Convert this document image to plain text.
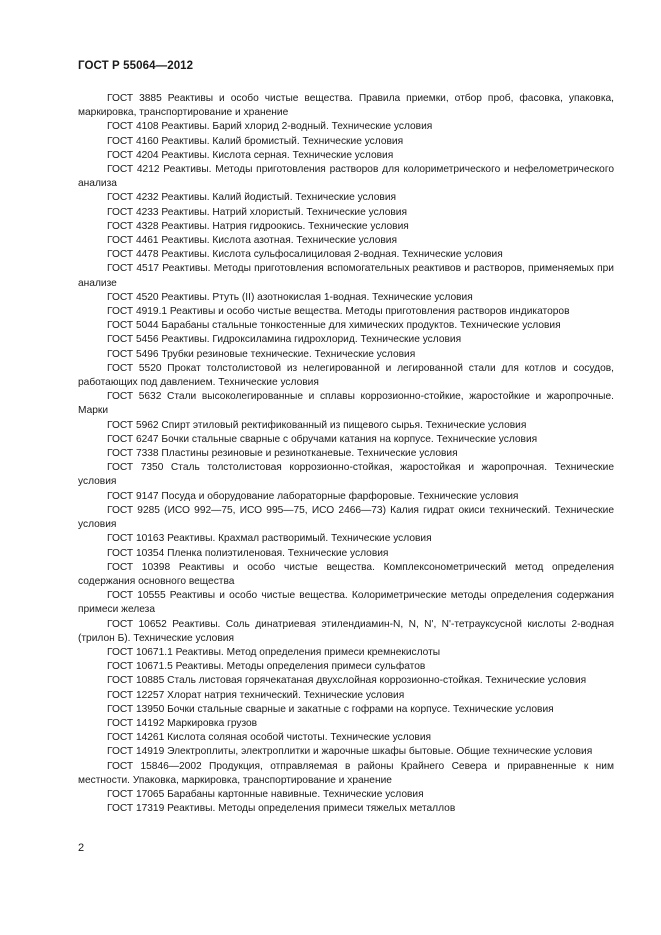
ГОСТ Р 55064—2012

ГОСТ 3885 Реактивы и особо чистые вещества. Правила приемки, отбор проб, фасовка, упаковка, маркировка, транспортирование и хранение

ГОСТ 4108 Реактивы. Барий хлорид 2-водный. Технические условия

ГОСТ 4160 Реактивы. Калий бромистый. Технические условия

ГОСТ 4204 Реактивы. Кислота серная. Технические условия

ГОСТ 4212 Реактивы. Методы приготовления растворов для колориметрического и нефелометрического анализа

ГОСТ 4232 Реактивы. Калий йодистый. Технические условия

ГОСТ 4233 Реактивы. Натрий хлористый. Технические условия

ГОСТ 4328 Реактивы. Натрия гидроокись. Технические условия

ГОСТ 4461 Реактивы. Кислота азотная. Технические условия

ГОСТ 4478 Реактивы. Кислота сульфосалициловая 2-водная. Технические условия

ГОСТ 4517 Реактивы. Методы приготовления вспомогательных реактивов и растворов, применяемых при анализе

ГОСТ 4520 Реактивы. Ртуть (II) азотнокислая 1-водная. Технические условия

ГОСТ 4919.1 Реактивы и особо чистые вещества. Методы приготовления растворов индикаторов

ГОСТ 5044 Барабаны стальные тонкостенные для химических продуктов. Технические условия

ГОСТ 5456 Реактивы. Гидроксиламина гидрохлорид. Технические условия

ГОСТ 5496 Трубки резиновые технические. Технические условия

ГОСТ 5520 Прокат толстолистовой из нелегированной и легированной стали для котлов и сосудов, работающих под давлением. Технические условия

ГОСТ 5632 Стали высоколегированные и сплавы коррозионно-стойкие, жаростойкие и жаропрочные. Марки

ГОСТ 5962 Спирт этиловый ректификованный из пищевого сырья. Технические условия

ГОСТ 6247 Бочки стальные сварные с обручами катания на корпусе. Технические условия

ГОСТ 7338 Пластины резиновые и резинотканевые. Технические условия

ГОСТ 7350 Сталь толстолистовая коррозионно-стойкая, жаростойкая и жаропрочная. Технические условия

ГОСТ 9147 Посуда и оборудование лабораторные фарфоровые. Технические условия

ГОСТ 9285 (ИСО 992—75, ИСО 995—75, ИСО 2466—73) Калия гидрат окиси технический. Технические условия

ГОСТ 10163 Реактивы. Крахмал растворимый. Технические условия

ГОСТ 10354 Пленка полиэтиленовая. Технические условия

ГОСТ 10398 Реактивы и особо чистые вещества. Комплексонометрический метод определения содержания основного вещества

ГОСТ 10555 Реактивы и особо чистые вещества. Колориметрические методы определения содержания примеси железа

ГОСТ 10652 Реактивы. Соль динатриевая этилендиамин-N, N, N', N'-тетрауксусной кислоты 2-водная (трилон Б). Технические условия

ГОСТ 10671.1 Реактивы. Метод определения примеси кремнекислоты

ГОСТ 10671.5 Реактивы. Методы определения примеси сульфатов

ГОСТ 10885 Сталь листовая горячекатаная двухслойная коррозионно-стойкая. Технические условия

ГОСТ 12257 Хлорат натрия технический. Технические условия

ГОСТ 13950 Бочки стальные сварные и закатные с гофрами на корпусе. Технические условия

ГОСТ 14192 Маркировка грузов

ГОСТ 14261 Кислота соляная особой чистоты. Технические условия

ГОСТ 14919 Электроплиты, электроплитки и жарочные шкафы бытовые. Общие технические условия

ГОСТ 15846—2002 Продукция, отправляемая в районы Крайнего Севера и приравненные к ним местности. Упаковка, маркировка, транспортирование и хранение

ГОСТ 17065 Барабаны картонные навивные. Технические условия

ГОСТ 17319 Реактивы. Методы определения примеси тяжелых металлов

2
